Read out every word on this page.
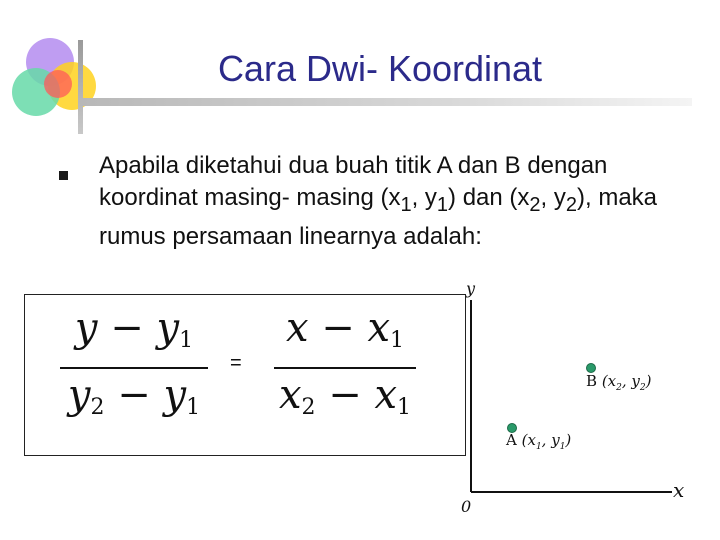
Cara Dwi- Koordinat
Apabila diketahui dua buah titik A dan B dengan koordinat masing- masing ($x_1$, $y_1$) dan ($x_2$, $y_2$), maka rumus persamaan linearnya adalah:
$y - y_1$
$y_2 - y_1$
=
$x - x_1$
$x_2 - x_1$
y
x
0
B ($x_2$, $y_2$)
A ($x_1$, $y_1$)
